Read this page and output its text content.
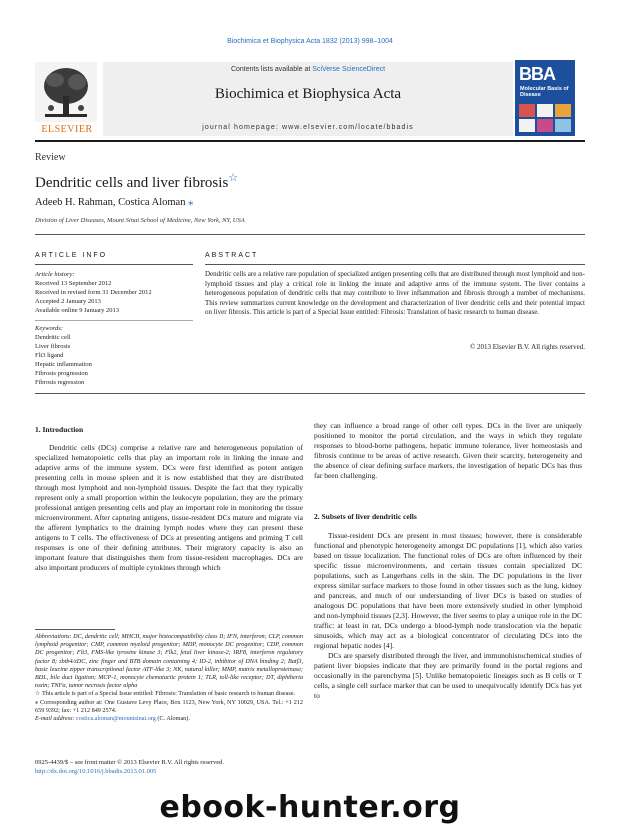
Biochimica et Biophysica Acta 1832 (2013) 998–1004
ELSEVIER
Contents lists available at SciVerse ScienceDirect
Biochimica et Biophysica Acta
journal homepage: www.elsevier.com/locate/bbadis
BBA
Molecular Basis of Disease
Review
Dendritic cells and liver fibrosis☆
Adeeb H. Rahman, Costica Aloman ⁎
Division of Liver Diseases, Mount Sinai School of Medicine, New York, NY, USA
ARTICLE INFO	ABSTRACT
Article history:
Received 13 September 2012
Received in revised form 31 December 2012
Accepted 2 January 2013
Available online 9 January 2013
Keywords:
Dendritic cell
Liver fibrosis
Flt3 ligand
Hepatic inflammation
Fibrosis progression
Fibrosis regression
Dendritic cells are a relative rare population of specialized antigen presenting cells that are distributed through most lymphoid and non-lymphoid tissues and play a critical role in linking the innate and adaptive arms of the immune system. The liver contains a heterogeneous population of dendritic cells that may contribute to liver inflammation and fibrosis through a number of mechanisms. This review summarizes current knowledge on the development and characterization of liver dendritic cells and their potential impact on liver fibrosis. This article is part of a Special Issue entitled: Fibrosis: Translation of basic research to human disease.
© 2013 Elsevier B.V. All rights reserved.
1. Introduction

Dendritic cells (DCs) comprise a relative rare and heterogeneous population of specialized hematopoietic cells that play an important role in linking the innate and adaptive arms of the immune system. DCs were first identified as potent antigen presenting cells in mouse spleen and it is now established that they are distributed through most lymphoid and non-lymphoid tissues. Despite the fact that they typically represent only a small proportion within the leukocyte population, they are the primary professional antigen presenting cells and play an important role in monitoring the tissue microenvironment. After capturing antigens, tissue-resident DCs mature and migrate via the afferent lymphatics to the draining lymph nodes where they can present these antigens to T cells. The effectiveness of DCs at presenting antigens and priming T cell responses is one of their defining attributes. Their migratory capacity is also an important feature that distinguishes them from tissue-resident macrophages. DCs are also important producers of multiple cytokines through which

they can influence a broad range of other cell types. DCs in the liver are uniquely positioned to monitor the portal circulation, and the ways in which they regulate responses to blood-borne pathogens, hepatic immune tolerance, liver homeostasis and fibrosis continue to be areas of active research. Given their scarcity, heterogeneity and the absence of clear defining surface markers, the investigation of hepatic DCs has thus far been challenging.

2. Subsets of liver dendritic cells

Tissue-resident DCs are present in most tissues; however, there is considerable functional and phenotypic heterogeneity amongst DC populations [1], which also varies based on tissue localization. The functional roles of DCs are often influenced by their specific tissue microenvironments, and certain tissues contain specialized DC populations, such as Langerhans cells in the skin. The DC populations in the liver express similar surface markers to those found in other tissues such as the lung, kidney and pancreas, and much of our understanding of liver DCs is based on studies of analogous DC populations that have been more extensively studied in other lymphoid and non-lymphoid tissues [2,3]. However, the liver seems to play a unique role in the DC traffic: at least in rat, DCs undergo a blood-lymph node translocation via the hepatic sinusoids, which may act as a biological concentrator of circulating DCs into the regional hepatic nodes [4].

DCs are sparsely distributed through the liver, and immunohistochemical studies of patient liver biopsies indicate that they are primarily found in the portal regions and occasionally in the parenchyma [5]. Unlike hematopoietic lineages such as B cells or T cells, a single cell surface marker that can be used to unequivocally identify DCs has yet to

Abbreviations: DC, dendritic cell; MHCII, major histocompatibility class II; IFN, interferon; CLP, common lymphoid progenitor; CMP, common myeloid progenitor; MDP, monocyte DC progenitor; CDP, common DC progenitor; Flt3, FMS-like tyrosine kinase 3; Flk2, fetal liver kinase-2; IRF8, interferon regulatory factor 8; zbtb4/zDC, zinc finger and BTB domain containing 4; ID-2, inhibitor of DNA binding 2; Batf3, basic leucine zipper transcriptional factor ATF-like 3; NK, natural killer; MMP, matrix metalloproteinase; BDL, bile duct ligation; MCP-1, monocyte chemotactic protein 1; TLR, toll-like receptor; DT, diphtheria toxin; TNFα, tumor necrosis factor alpha

☆ This article is part of a Special Issue entitled: Fibrosis: Translation of basic research to human disease.

⁎ Corresponding author at: One Gustave Levy Place, Box 1123, New York, NY 10029, USA. Tel.: +1 212 659 9392; fax: +1 212 849 2574.

E-mail address: costica.aloman@mountsinai.org (C. Aloman).

0925-4439/$ – see front matter © 2013 Elsevier B.V. All rights reserved.
http://dx.doi.org/10.1016/j.bbadis.2013.01.005
ebook-hunter.org
